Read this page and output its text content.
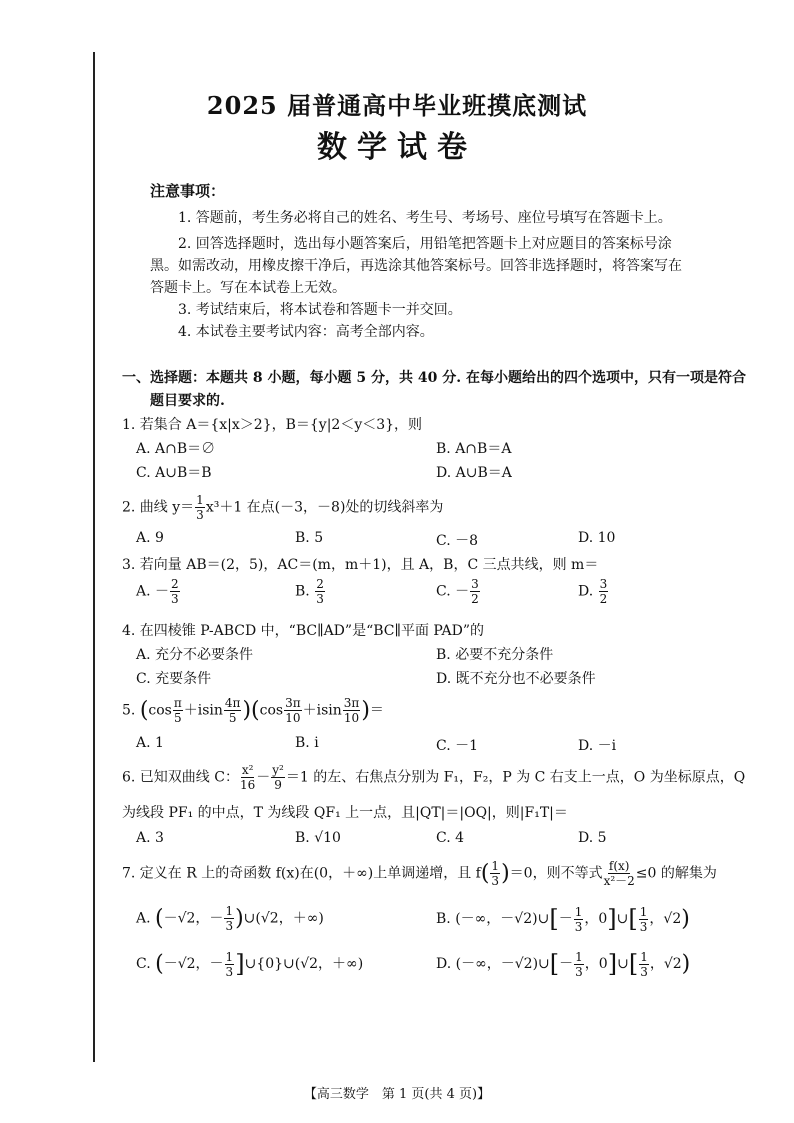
2025 届普通高中毕业班摸底测试
数学试卷
注意事项：
1. 答题前，考生务必将自己的姓名、考生号、考场号、座位号填写在答题卡上。
2. 回答选择题时，选出每小题答案后，用铅笔把答题卡上对应题目的答案标号涂
黑。如需改动，用橡皮擦干净后，再选涂其他答案标号。回答非选择题时，将答案写在
答题卡上。写在本试卷上无效。
3. 考试结束后，将本试卷和答题卡一并交回。
4. 本试卷主要考试内容：高考全部内容。
一、选择题：本题共 8 小题，每小题 5 分，共 40 分. 在每小题给出的四个选项中，只有一项是符合
题目要求的.
1. 若集合 A＝{x|x＞2}，B＝{y|2＜y＜3}，则
A. A∩B＝∅	B. A∩B＝A
C. A∪B＝B	D. A∪B＝A
2. 曲线 $y= \frac{1}{3} x^3+1$ 在点(－3，－8)处的切线斜率为
A. 9	B. 5	C. －8	D. 10
3. 若向量 AB＝(2，5)，AC＝(m，m＋1)，且 A，B，C 三点共线，则 m＝
A. － $\frac{2}{3}$	B. $\frac{2}{3}$	C. － $\frac{3}{2}$	D. $\frac{3}{2}$
4. 在四棱锥 P-ABCD 中，“BC∥AD”是“BC∥平面 PAD”的
A. 充分不必要条件	B. 必要不充分条件
C. 充要条件	D. 既不充分也不必要条件
5. $(\cos \frac{\pi}{5} +isin \frac{4\pi}{5} )(\cos \frac{3\pi}{10} +isin \frac{3\pi}{10}$ )＝
A. 1	B. i	C. －1	D. －i
6. 已知双曲线 C： $\frac{\text{x²}}{16} - \frac{\text{y²}}{9} =1$ 的左、右焦点分别为 F₁，F₂，P 为 C 右支上一点，O 为坐标原点，Q
为线段 PF₁ 的中点，T 为线段 QF₁ 上一点，且|QT|＝|OQ|，则|F₁T|＝
A. 3	B. √10	C. 4	D. 5
7. 定义在 R 上的奇函数 f(x)在(0，＋∞)上单调递增，且 $f( \frac{1}{3} )=0$，则不等式 $\frac{f(x)}{\text{x²－2}} \le 0$ 的解集为
A. (－√2，－ $\frac{1}{3}$ )∪(√2，＋∞)	B. (－∞，－√2)∪[－ $\frac{1}{3}$ ，0]∪[ $\frac{1}{3}$ ，√2)
C. (－√2，－ $\frac{1}{3}$ ]∪{0}∪(√2，＋∞)	D. (－∞，－√2)∪[－ $\frac{1}{3}$ ，0]∪[ $\frac{1}{3}$ ，√2)
【高三数学　第 1 页(共 4 页)】
